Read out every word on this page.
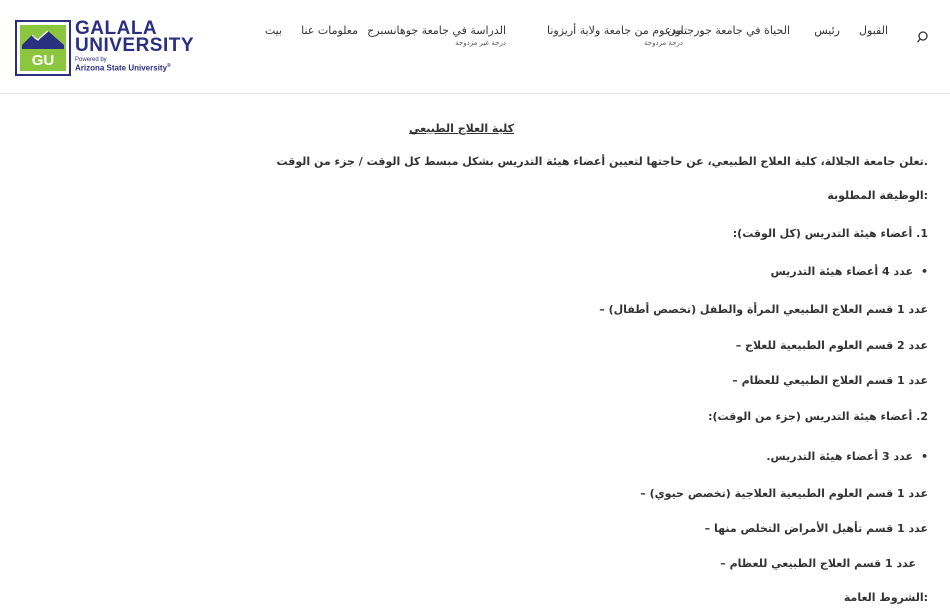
GU
GALALA
UNIVERSITY
Powered by
Arizona State University®
القبول
رئيس
الحياة في جامعة جورجتاون
مدعوم من جامعة ولاية أريزونا
درجة مزدوجة
الدراسة في جامعة جوهانسبرج
درجة غير مزدوجة
معلومات عنا
بيت
كلية العلاج الطبيعي
.تعلن جامعة الجلالة، كلية العلاج الطبيعي، عن حاجتها لتعيين أعضاء هيئة التدريس بشكل مبسط كل الوقت / جزء من الوقت
:الوظيفة المطلوبة
1. أعضاء هيئة التدريس (كل الوقت):
• عدد 4 أعضاء هيئة التدريس
عدد 1 قسم العلاج الطبيعي المرأة والطفل (تخصص أطفال) –
عدد 2 قسم العلوم الطبيعية للعلاج –
عدد 1 قسم العلاج الطبيعي للعظام –
2. أعضاء هيئة التدريس (جزء من الوقت):
• عدد 3 أعضاء هيئة التدريس.
عدد 1 قسم العلوم الطبيعية العلاجية (تخصص حيوي) –
عدد 1 قسم تأهيل الأمراض التخلص منها –
عدد 1 قسم العلاج الطبيعي للعظام –
:الشروط العامة
